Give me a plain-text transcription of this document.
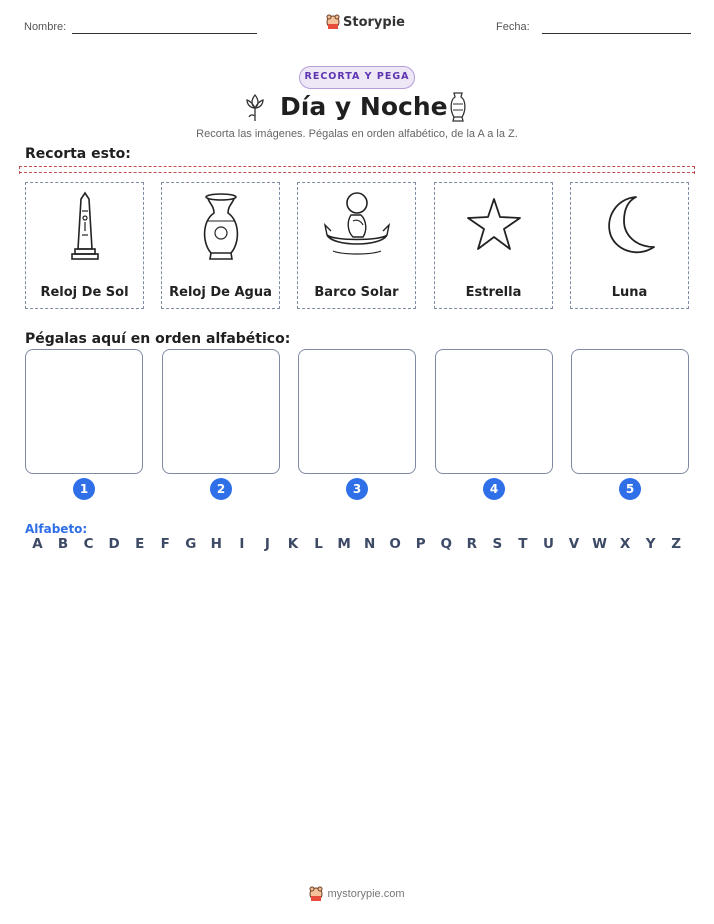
Nombre:	Storypie	Fecha:
RECORTA Y PEGA
Día y Noche
Recorta las imágenes. Pégalas en orden alfabético, de la A a la Z.
Recorta esto:
Reloj De Sol	Reloj De Agua	Barco Solar	Estrella	Luna
Pégalas aquí en orden alfabético:
1	2	3	4	5
Alfabeto:
A	B	C	D	E	F	G	H	I	J	K	L	M N	O	P	Q	R	S	T	U	V W X	Y	Z
mystorypie.com
